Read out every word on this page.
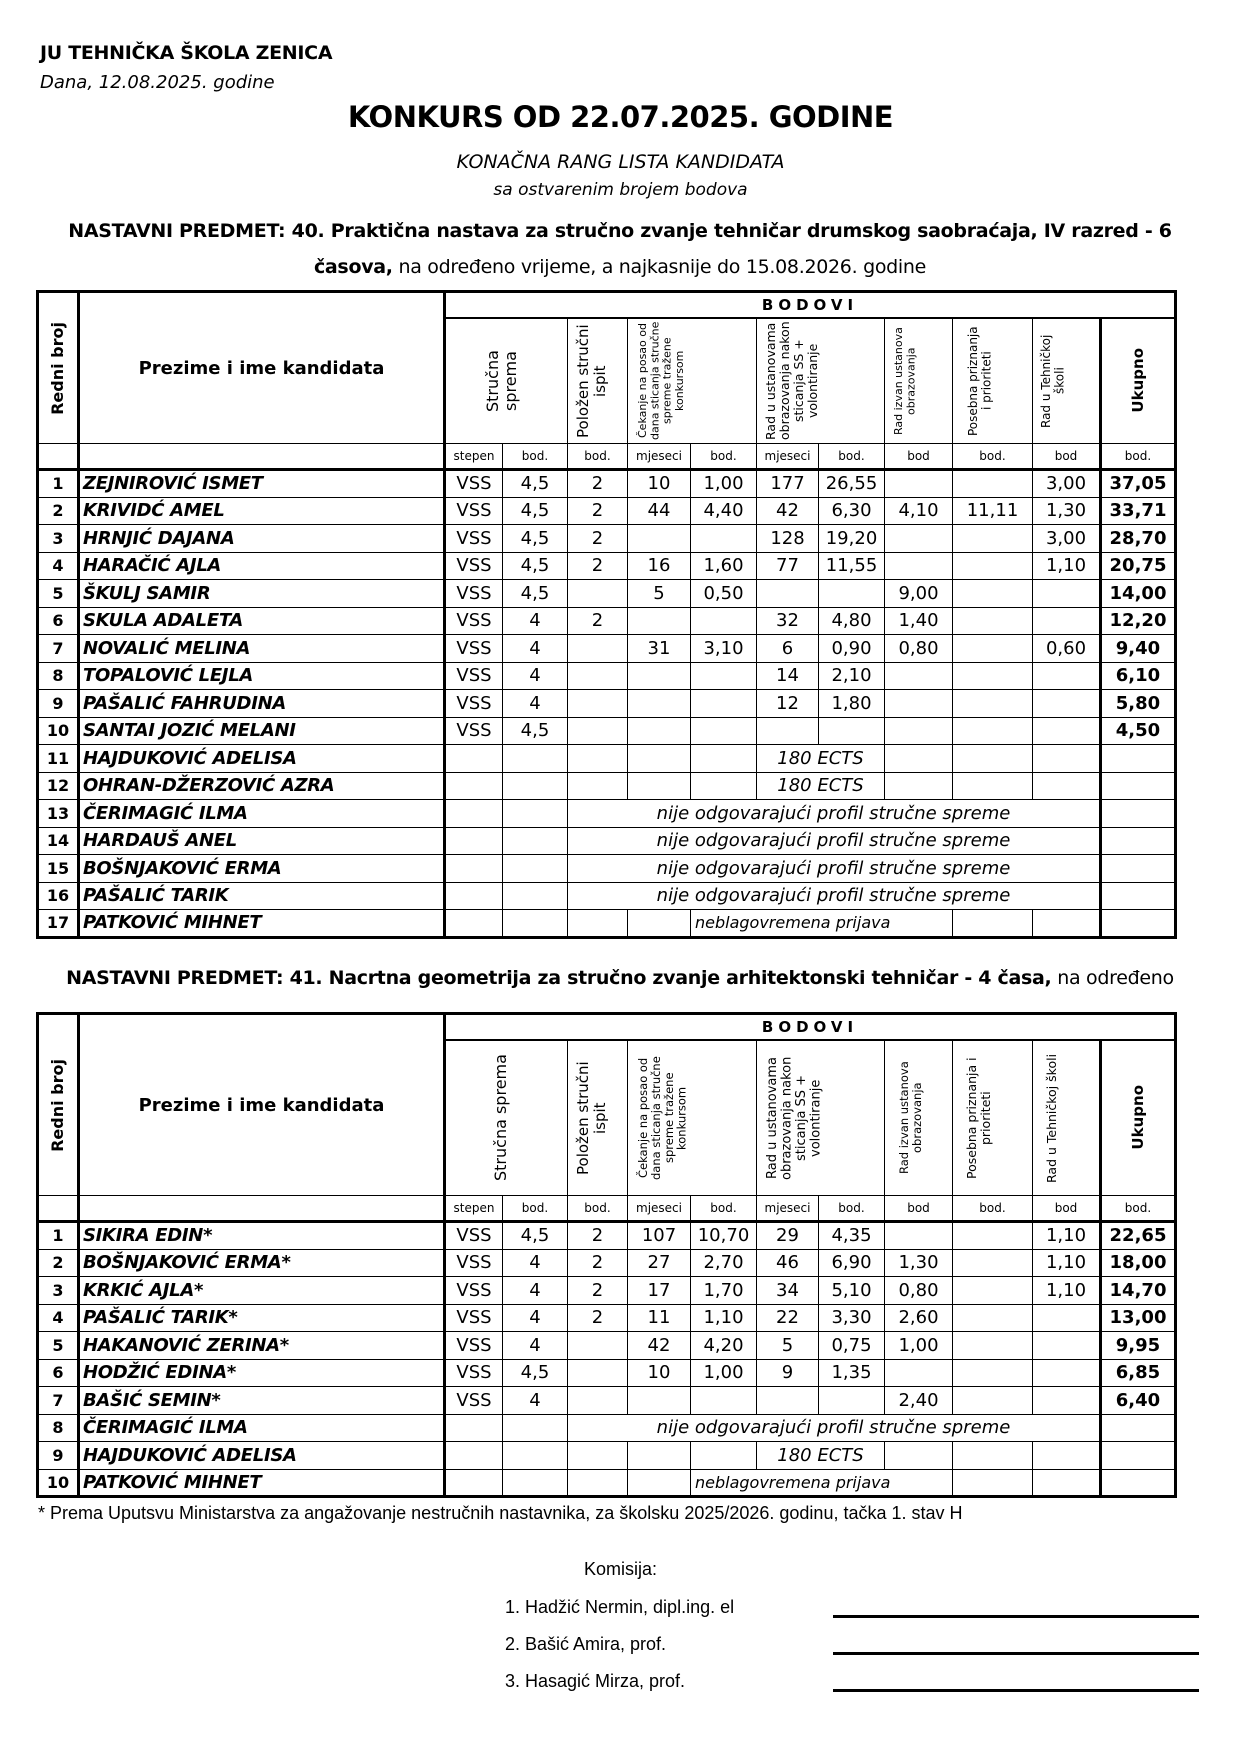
JU TEHNIČKA ŠKOLA ZENICA
Dana, 12.08.2025. godine
KONKURS OD 22.07.2025. GODINE
KONAČNA RANG LISTA KANDIDATA
sa ostvarenim brojem bodova
NASTAVNI PREDMET: 40. Praktična nastava za stručno zvanje tehničar drumskog saobraćaja, IV razred - 6
časova, na određeno vrijeme, a najkasnije do 15.08.2026. godine
Redni broj	Prezime i ime kandidata	BODOVI										

		Stručna sprema		Položen stručni ispit	Čekanje na posao od dana sticanja stručne spreme tražene konkursom		Rad u ustanovama obrazovanja nakon sticanja SS + volontiranje		Rad izvan ustanova obrazovanja	Posebna priznanja i prioriteti	Rad u Tehničkoj školi	Ukupno

		stepen	bod.	bod.	mjeseci	bod.	mjeseci	bod.	bod	bod.	bod	bod.
1	ZEJNIROVIĆ ISMET	VSS	4,5	2	10	1,00	177	26,55			3,00	37,05
2	KRIVIDĆ AMEL	VSS	4,5	2	44	4,40	42	6,30	4,10	11,11	1,30	33,71
3	HRNJIĆ DAJANA	VSS	4,5	2			128	19,20			3,00	28,70
4	HARAČIĆ AJLA	VSS	4,5	2	16	1,60	77	11,55			1,10	20,75
5	ŠKULJ SAMIR	VSS	4,5		5	0,50			9,00			14,00
6	SKULA ADALETA	VSS	4	2			32	4,80	1,40			12,20
7	NOVALIĆ MELINA	VSS	4		31	3,10	6	0,90	0,80		0,60	9,40
8	TOPALOVIĆ LEJLA	VSS	4				14	2,10				6,10
9	PAŠALIĆ FAHRUDINA	VSS	4				12	1,80				5,80
10	SANTAI JOZIĆ MELANI	VSS	4,5									4,50
11	HAJDUKOVIĆ ADELISA						180 ECTS					
12	OHRAN-DŽERZOVIĆ AZRA						180 ECTS					
13	ČERIMAGIĆ ILMA			nije odgovarajući profil stručne spreme								
14	HARDAUŠ ANEL			nije odgovarajući profil stručne spreme								
15	BOŠNJAKOVIĆ ERMA			nije odgovarajući profil stručne spreme								
16	PAŠALIĆ TARIK			nije odgovarajući profil stručne spreme								
17	PATKOVIĆ MIHNET					neblagovremena prijava						
NASTAVNI PREDMET: 41. Nacrtna geometrija za stručno zvanje arhitektonski tehničar - 4 časa, na određeno
Redni broj	Prezime i ime kandidata	BODOVI										

		Stručna sprema		Položen stručni ispit	Čekanje na posao od dana sticanja stručne spreme tražene konkursom		Rad u ustanovama obrazovanja nakon sticanja SS + volontiranje		Rad izvan ustanova obrazovanja	Posebna priznanja i prioriteti	Rad u Tehničkoj školi	Ukupno

		stepen	bod.	bod.	mjeseci	bod.	mjeseci	bod.	bod	bod.	bod	bod.
1	SIKIRA EDIN*	VSS	4,5	2	107	10,70	29	4,35			1,10	22,65
2	BOŠNJAKOVIĆ ERMA*	VSS	4	2	27	2,70	46	6,90	1,30		1,10	18,00
3	KRKIĆ AJLA*	VSS	4	2	17	1,70	34	5,10	0,80		1,10	14,70
4	PAŠALIĆ TARIK*	VSS	4	2	11	1,10	22	3,30	2,60			13,00
5	HAKANOVIĆ ZERINA*	VSS	4		42	4,20	5	0,75	1,00			9,95
6	HODŽIĆ EDINA*	VSS	4,5		10	1,00	9	1,35				6,85
7	BAŠIĆ SEMIN*	VSS	4						2,40			6,40
8	ČERIMAGIĆ ILMA			nije odgovarajući profil stručne spreme								
9	HAJDUKOVIĆ ADELISA						180 ECTS					
10	PATKOVIĆ MIHNET					neblagovremena prijava						
* Prema Uputsvu Ministarstva za angažovanje nestručnih nastavnika, za školsku 2025/2026. godinu, tačka 1. stav H
Komisija:
1. Hadžić Nermin, dipl.ing. el
2. Bašić Amira, prof.
3. Hasagić Mirza, prof.
